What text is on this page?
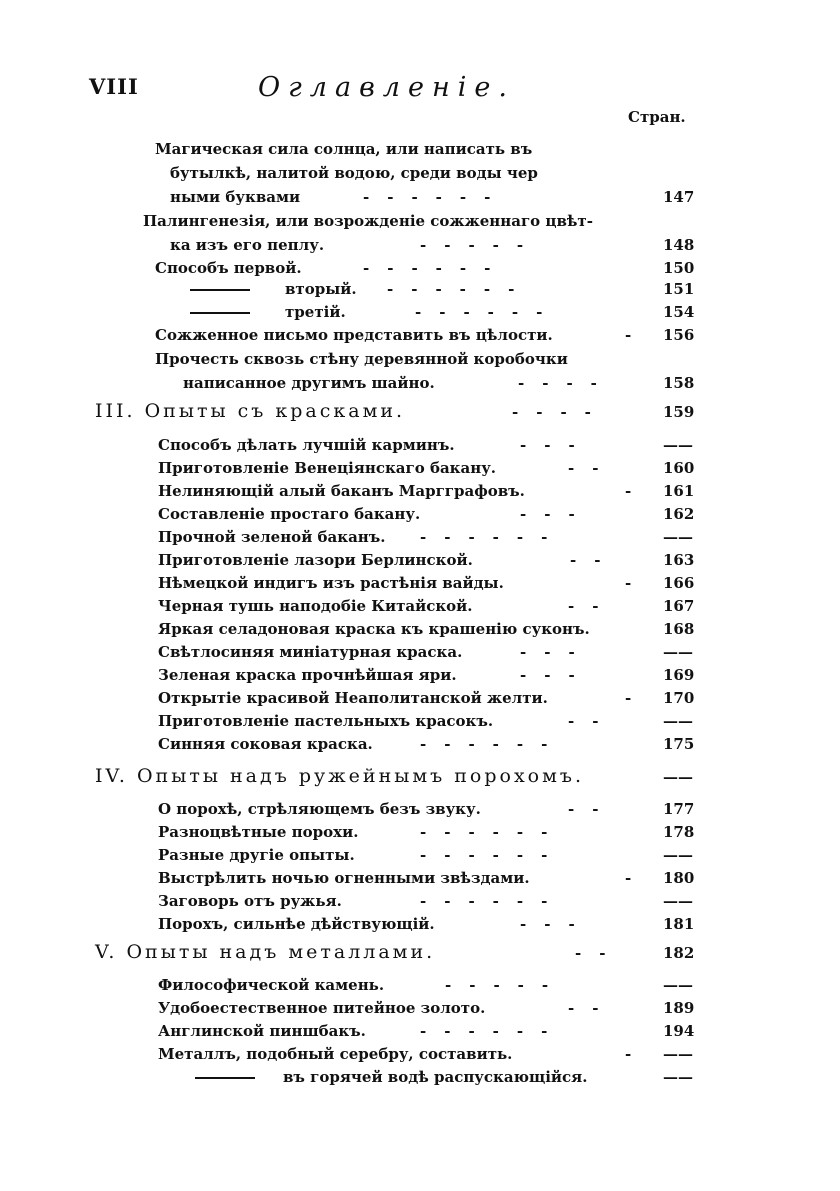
VIII	Оглавленіе.
Стран.
Магическая сила солнца, или написать въ
бутылкѣ, налитой водою, среди воды чер
ными буквами	------	147
Палингенезія, или возрожденіе сожженнаго цвѣт-
ка изъ его пеплу.	-----	148
Способъ первой.	------	150
вторый. ------	151
третій.	------	154
Сожженное письмо представить въ цѣлости.	- 156
Прочесть сквозь стѣну деревянной коробочки
написанное другимъ шайно.	----	158
III. Опыты съ красками.	----	159
Способъ дѣлать лучшій карминъ.	---	——
Приготовленіе Венеціянскаго бакану.	--	160
Нелиняющій алый баканъ Маргграфовъ.	- 161
Составленіе простаго бакану.	---	162
Прочной зеленой баканъ. ------	——
Приготовленіе лазори Берлинской.	--	163
Нѣмецкой индигъ изъ растѣнія вайды.	- 166
Черная тушь наподобіе Китайской.	--	167
Яркая селадоновая краска къ крашенію суконъ.	168
Свѣтлосиняя миніатурная краска.	---	——
Зеленая краска прочнѣйшая яри.	---	169
Открытіе красивой Неаполитанской желти.	- 170
Приготовленіе пастельныхъ красокъ.	--	——
Синняя соковая краска.	------	175
IV. Опыты надъ ружейнымъ порохомъ.	——
О порохѣ, стрѣляющемъ безъ звуку.	--	177
Разноцвѣтные порохи.	------	178
Разные другіе опыты.	------	——
Выстрѣлить ночью огненными звѣздами.	- 180
Заговорь отъ ружья.	------	——
Порохъ, сильнѣе дѣйствующій.	---	181
V. Опыты надъ металлами.	--	182
Философической камень.	-----	——
Удобоестественное питейное золото.	--	189
Англинской пиншбакъ.	------	194
Металлъ, подобный серебру, составить.	- ——
въ горячей водѣ распускающійся.	——
